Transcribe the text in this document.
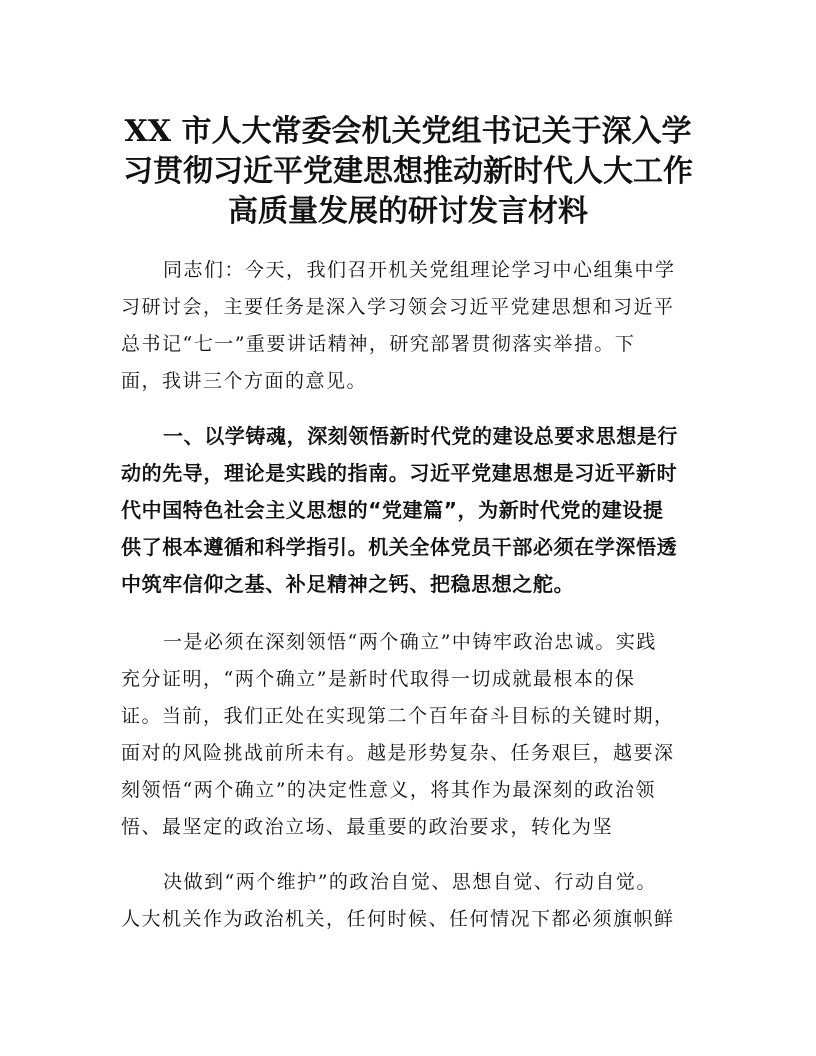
XX 市人大常委会机关党组书记关于深入学
习贯彻习近平党建思想推动新时代人大工作
高质量发展的研讨发言材料
同志们：今天，我们召开机关党组理论学习中心组集中学
习研讨会，主要任务是深入学习领会习近平党建思想和习近平
总书记“七一”重要讲话精神，研究部署贯彻落实举措。下
面，我讲三个方面的意见。
一、以学铸魂，深刻领悟新时代党的建设总要求思想是行
动的先导，理论是实践的指南。习近平党建思想是习近平新时
代中国特色社会主义思想的“党建篇”，为新时代党的建设提
供了根本遵循和科学指引。机关全体党员干部必须在学深悟透
中筑牢信仰之基、补足精神之钙、把稳思想之舵。
一是必须在深刻领悟“两个确立”中铸牢政治忠诚。实践
充分证明，“两个确立”是新时代取得一切成就最根本的保
证。当前，我们正处在实现第二个百年奋斗目标的关键时期，
面对的风险挑战前所未有。越是形势复杂、任务艰巨，越要深
刻领悟“两个确立”的决定性意义，将其作为最深刻的政治领
悟、最坚定的政治立场、最重要的政治要求，转化为坚
决做到“两个维护”的政治自觉、思想自觉、行动自觉。
人大机关作为政治机关，任何时候、任何情况下都必须旗帜鲜
